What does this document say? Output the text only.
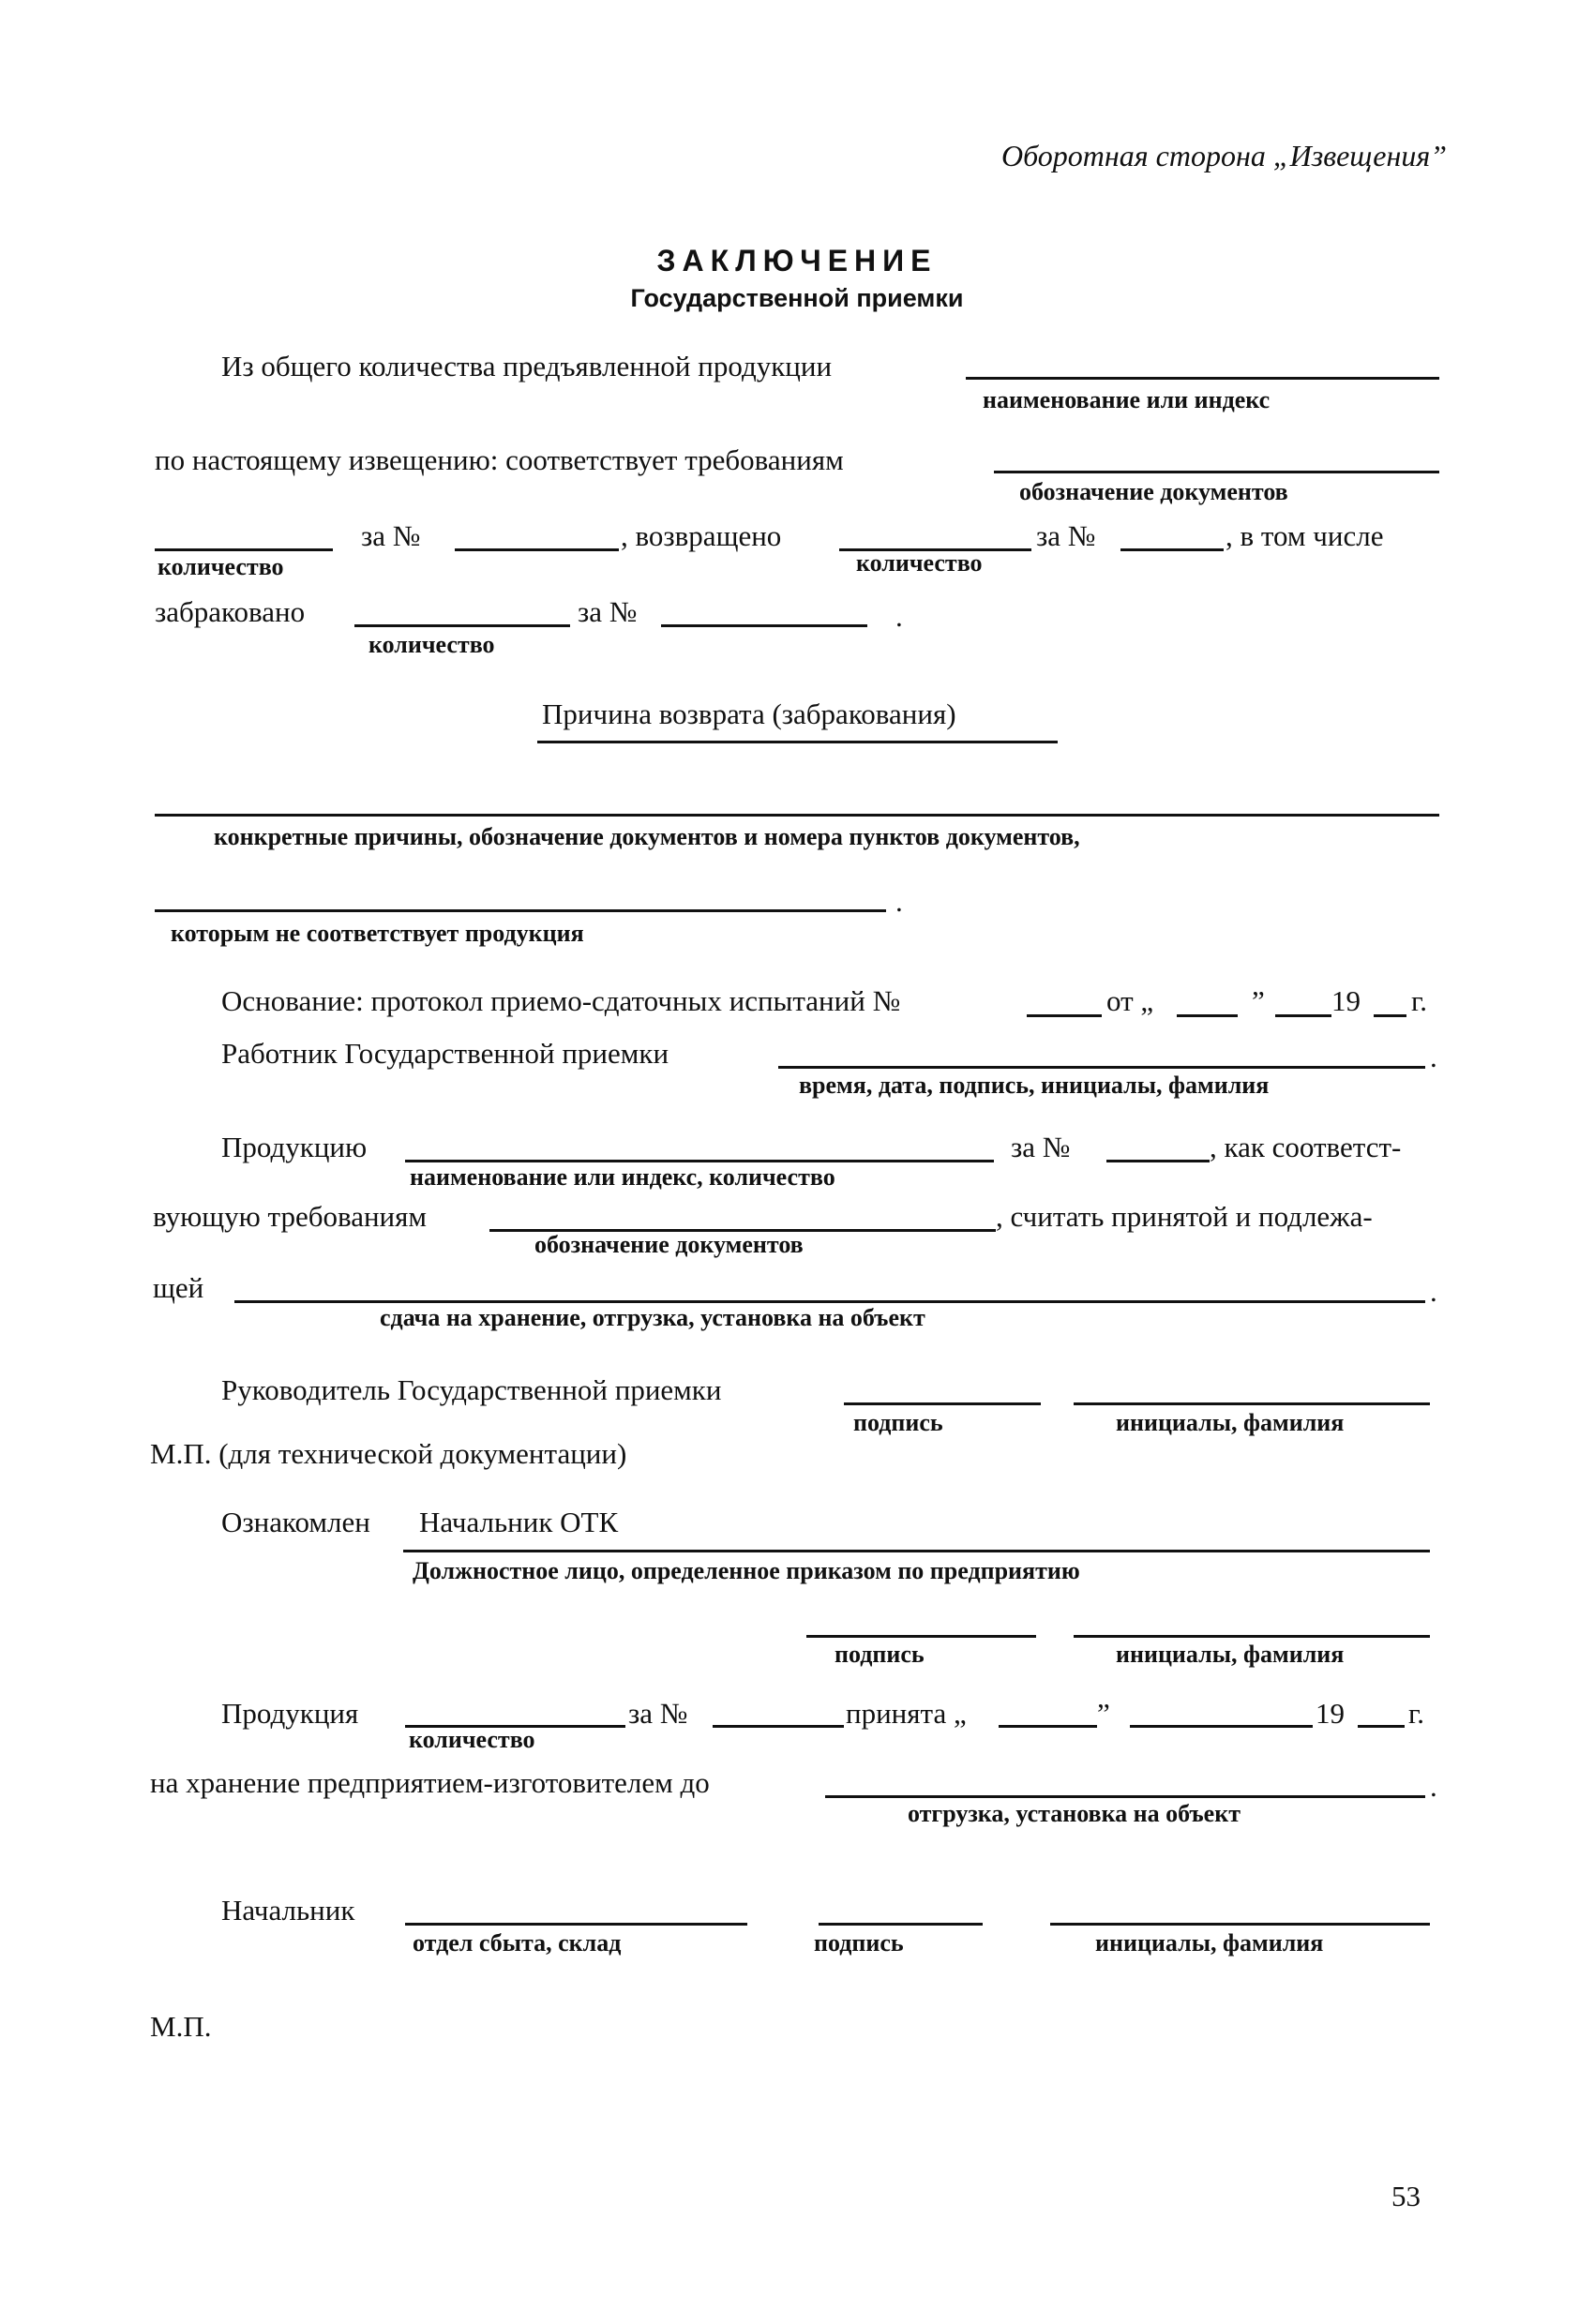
Оборотная сторона „Извещения”
ЗАКЛЮЧЕНИЕ
Государственной приемки
Из общего количества предъявленной продукции
наименование или индекс
по настоящему извещению: соответствует требованиям
обозначение документов
за №	, возвращено	за №	, в том числе
количество	количество
забраковано	за №	.
количество
Причина возврата (забракования)
конкретные причины, обозначение документов и номера пунктов документов,
.
которым не соответствует продукция
Основание: протокол приемо-сдаточных испытаний №	от „	” 19 г.
Работник Государственной приемки	.
время, дата, подпись, инициалы, фамилия
Продукцию	за №	, как соответст-
наименование или индекс, количество
вующую требованиям	, считать принятой и подлежа-
обозначение документов
щей	.
сдача на хранение, отгрузка, установка на объект
Руководитель Государственной приемки
подпись	инициалы, фамилия
М.П. (для технической документации)
Ознакомлен Начальник ОТК
Должностное лицо, определенное приказом по предприятию
подпись	инициалы, фамилия
Продукция	за №	принята „	”	19 г.
количество
на хранение предприятием-изготовителем до	.
отгрузка, установка на объект
Начальник
отдел сбыта, склад	подпись	инициалы, фамилия
М.П.
53
